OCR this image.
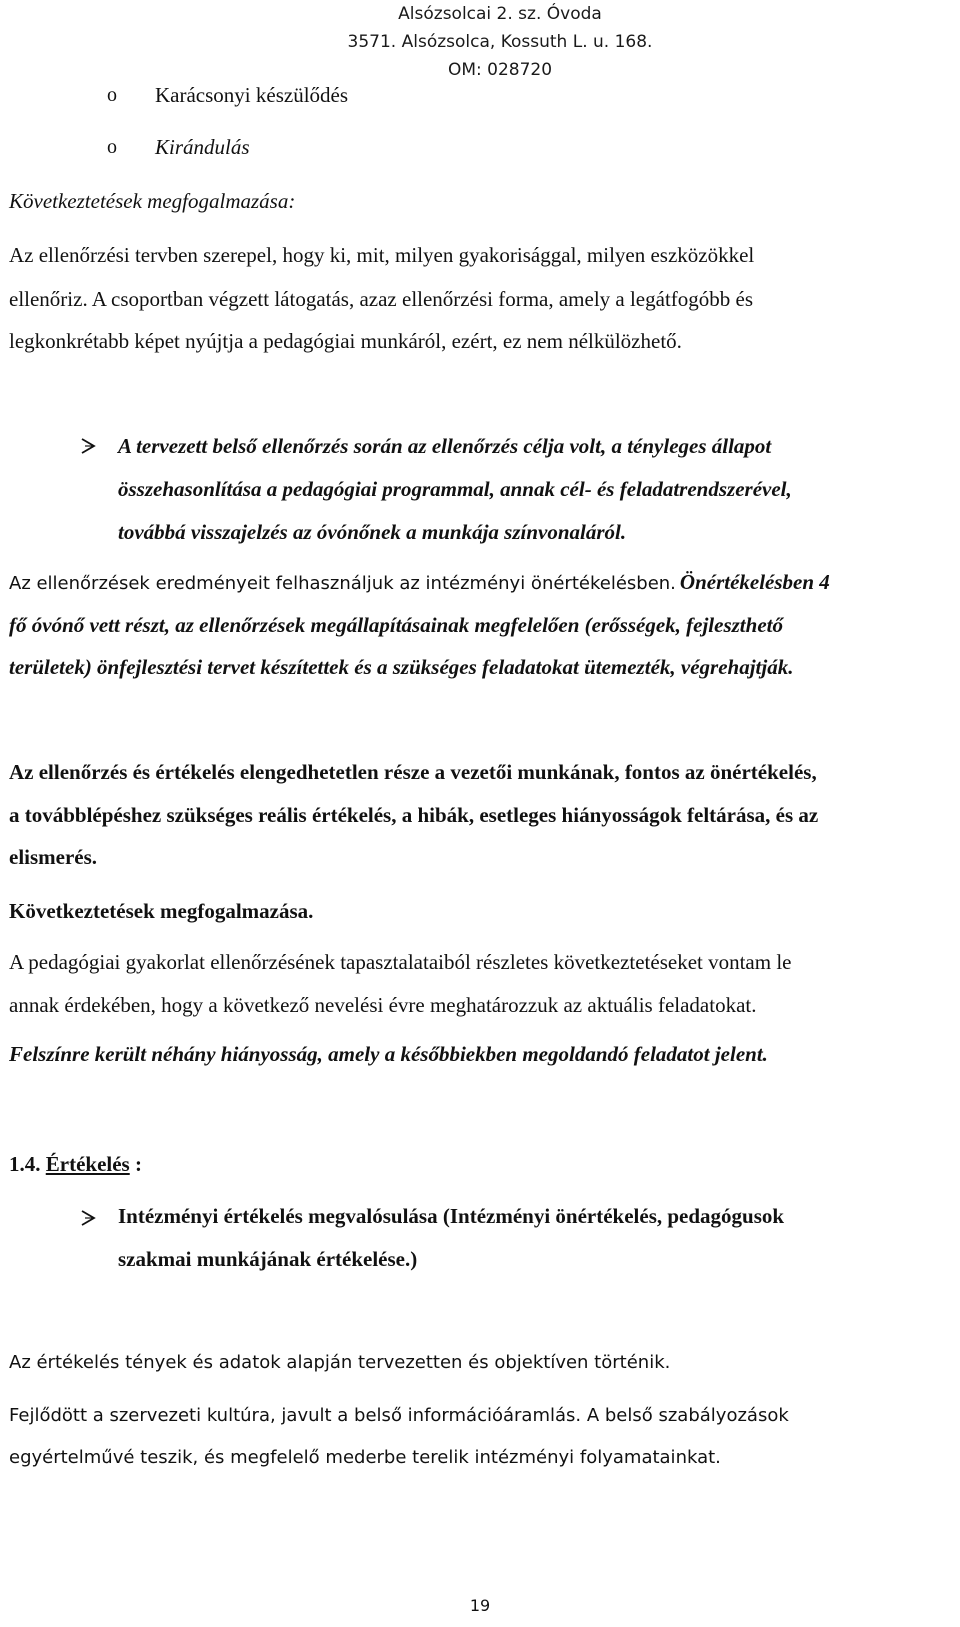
Alsózsolcai 2. sz. Óvoda
3571. Alsózsolca, Kossuth L. u. 168.
OM: 028720
o Karácsonyi készülődés
o Kirándulás
Következtetések megfogalmazása:
Az ellenőrzési tervben szerepel, hogy ki, mit, milyen gyakorisággal, milyen eszközökkel
ellenőriz. A csoportban végzett látogatás, azaz ellenőrzési forma, amely a legátfogóbb és
legkonkrétabb képet nyújtja a pedagógiai munkáról, ezért, ez nem nélkülözhető.
A tervezett belső ellenőrzés során az ellenőrzés célja volt, a tényleges állapot
összehasonlítása a pedagógiai programmal, annak cél- és feladatrendszerével,
továbbá visszajelzés az óvónőnek a munkája színvonaláról.
Az ellenőrzések eredményeit felhasználjuk az intézményi önértékelésben. Önértékelésben 4
fő óvónő vett részt, az ellenőrzések megállapításainak megfelelően (erősségek, fejleszthető
területek) önfejlesztési tervet készítettek és a szükséges feladatokat ütemezték, végrehajtják.
Az ellenőrzés és értékelés elengedhetetlen része a vezetői munkának, fontos az önértékelés,
a továbblépéshez szükséges reális értékelés, a hibák, esetleges hiányosságok feltárása, és az
elismerés.
Következtetések megfogalmazása.
A pedagógiai gyakorlat ellenőrzésének tapasztalataiból részletes következtetéseket vontam le
annak érdekében, hogy a következő nevelési évre meghatározzuk az aktuális feladatokat.
Felszínre került néhány hiányosság, amely a későbbiekben megoldandó feladatot jelent.
1.4. Értékelés :
Intézményi értékelés megvalósulása (Intézményi önértékelés, pedagógusok
szakmai munkájának értékelése.)
Az értékelés tények és adatok alapján tervezetten és objektíven történik.
Fejlődött a szervezeti kultúra, javult a belső információáramlás. A belső szabályozások
egyértelművé teszik, és megfelelő mederbe terelik intézményi folyamatainkat.
19
